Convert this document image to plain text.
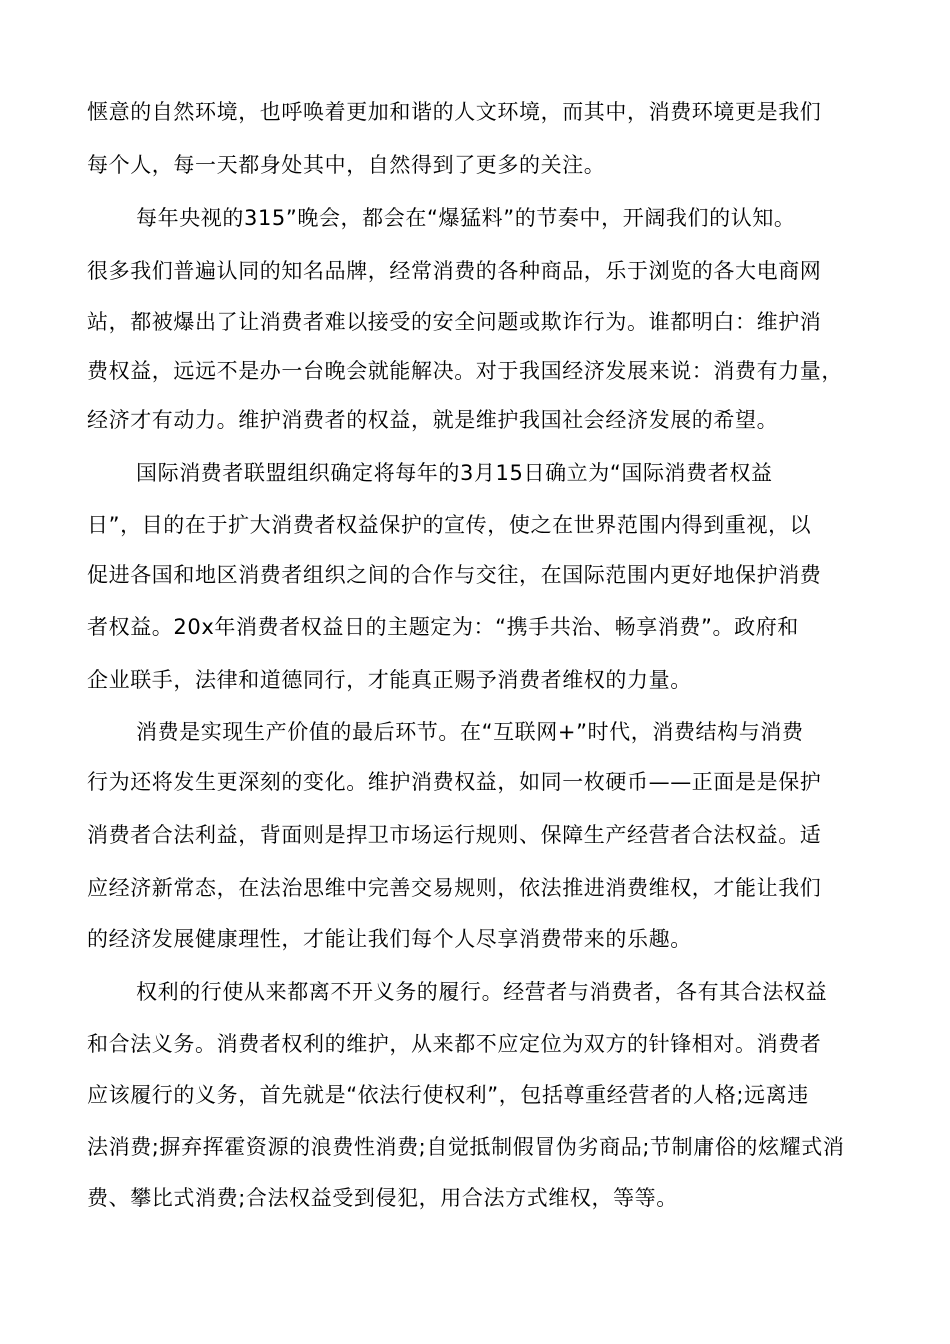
惬意的自然环境，也呼唤着更加和谐的人文环境，而其中，消费环境更是我们
每个人，每一天都身处其中，自然得到了更多的关注。
每年央视的315”晚会，都会在“爆猛料”的节奏中，开阔我们的认知。
很多我们普遍认同的知名品牌，经常消费的各种商品，乐于浏览的各大电商网
站，都被爆出了让消费者难以接受的安全问题或欺诈行为。谁都明白：维护消
费权益，远远不是办一台晚会就能解决。对于我国经济发展来说：消费有力量，
经济才有动力。维护消费者的权益，就是维护我国社会经济发展的希望。
国际消费者联盟组织确定将每年的3月15日确立为“国际消费者权益
日”，目的在于扩大消费者权益保护的宣传，使之在世界范围内得到重视，以
促进各国和地区消费者组织之间的合作与交往，在国际范围内更好地保护消费
者权益。20x年消费者权益日的主题定为：“携手共治、畅享消费”。政府和
企业联手，法律和道德同行，才能真正赐予消费者维权的力量。
消费是实现生产价值的最后环节。在“互联网+”时代，消费结构与消费
行为还将发生更深刻的变化。维护消费权益，如同一枚硬币——正面是是保护
消费者合法利益，背面则是捍卫市场运行规则、保障生产经营者合法权益。适
应经济新常态，在法治思维中完善交易规则，依法推进消费维权，才能让我们
的经济发展健康理性，才能让我们每个人尽享消费带来的乐趣。
权利的行使从来都离不开义务的履行。经营者与消费者，各有其合法权益
和合法义务。消费者权利的维护，从来都不应定位为双方的针锋相对。消费者
应该履行的义务，首先就是“依法行使权利”，包括尊重经营者的人格;远离违
法消费;摒弃挥霍资源的浪费性消费;自觉抵制假冒伪劣商品;节制庸俗的炫耀式消
费、攀比式消费;合法权益受到侵犯，用合法方式维权，等等。
